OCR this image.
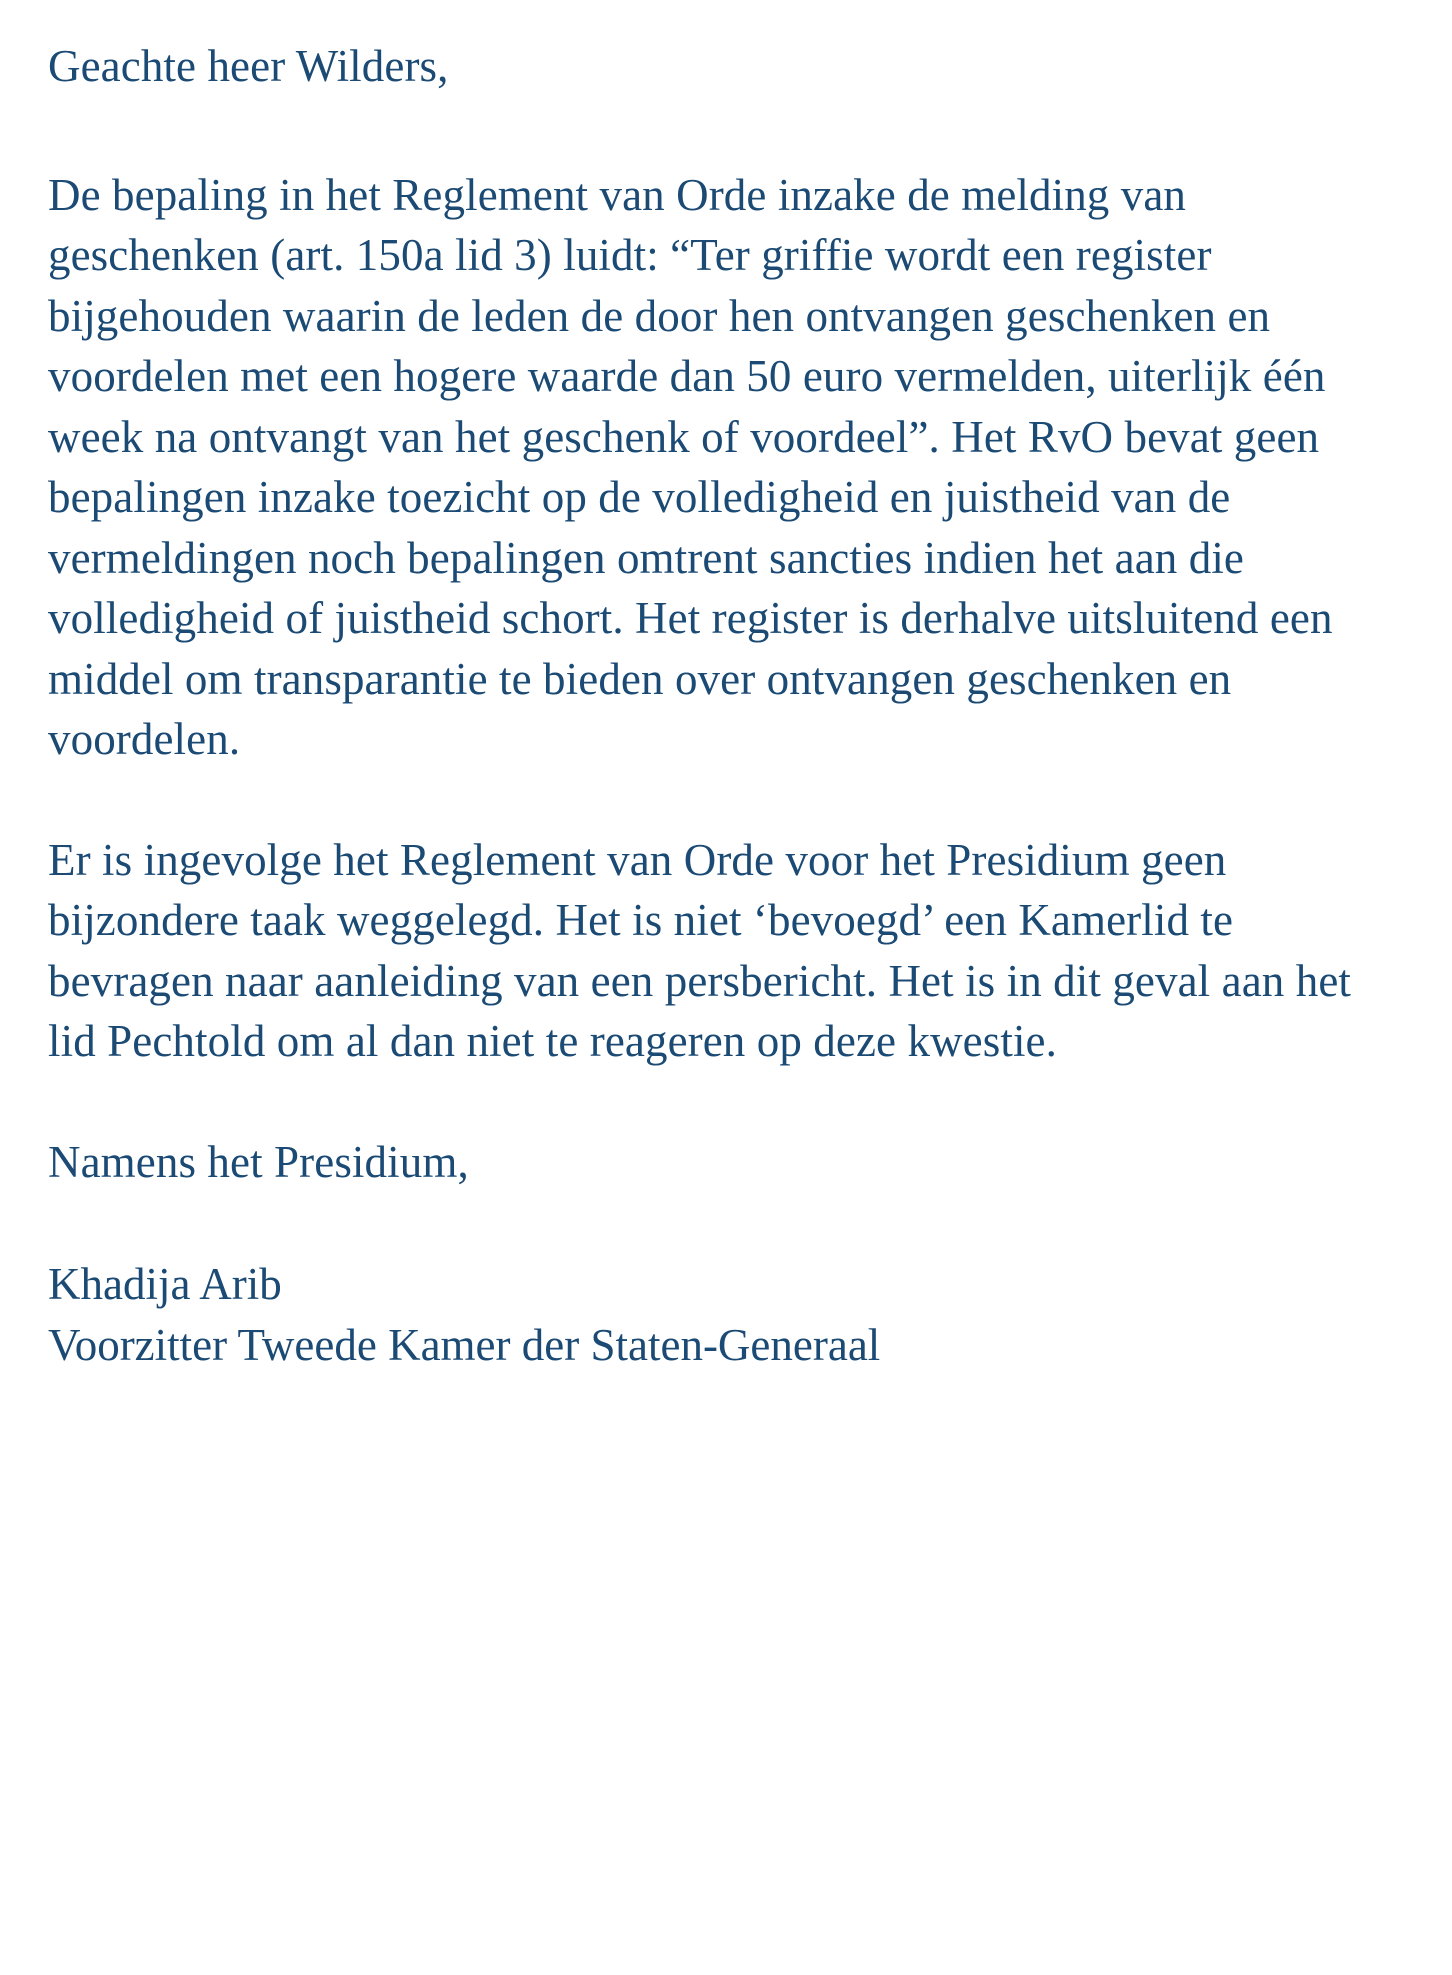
Geachte heer Wilders,

De bepaling in het Reglement van Orde inzake de melding van geschenken (art. 150a lid 3) luidt: “Ter griffie wordt een register bijgehouden waarin de leden de door hen ontvangen geschenken en voordelen met een hogere waarde dan 50 euro vermelden, uiterlijk één week na ontvangt van het geschenk of voordeel”. Het RvO bevat geen bepalingen inzake toezicht op de volledigheid en juistheid van de vermeldingen noch bepalingen omtrent sancties indien het aan die volledigheid of juistheid schort. Het register is derhalve uitsluitend een middel om transparantie te bieden over ontvangen geschenken en voordelen.

Er is ingevolge het Reglement van Orde voor het Presidium geen bijzondere taak weggelegd. Het is niet ‘bevoegd’ een Kamerlid te bevragen naar aanleiding van een persbericht. Het is in dit geval aan het lid Pechtold om al dan niet te reageren op deze kwestie.

Namens het Presidium,

Khadija Arib
Voorzitter Tweede Kamer der Staten-Generaal
